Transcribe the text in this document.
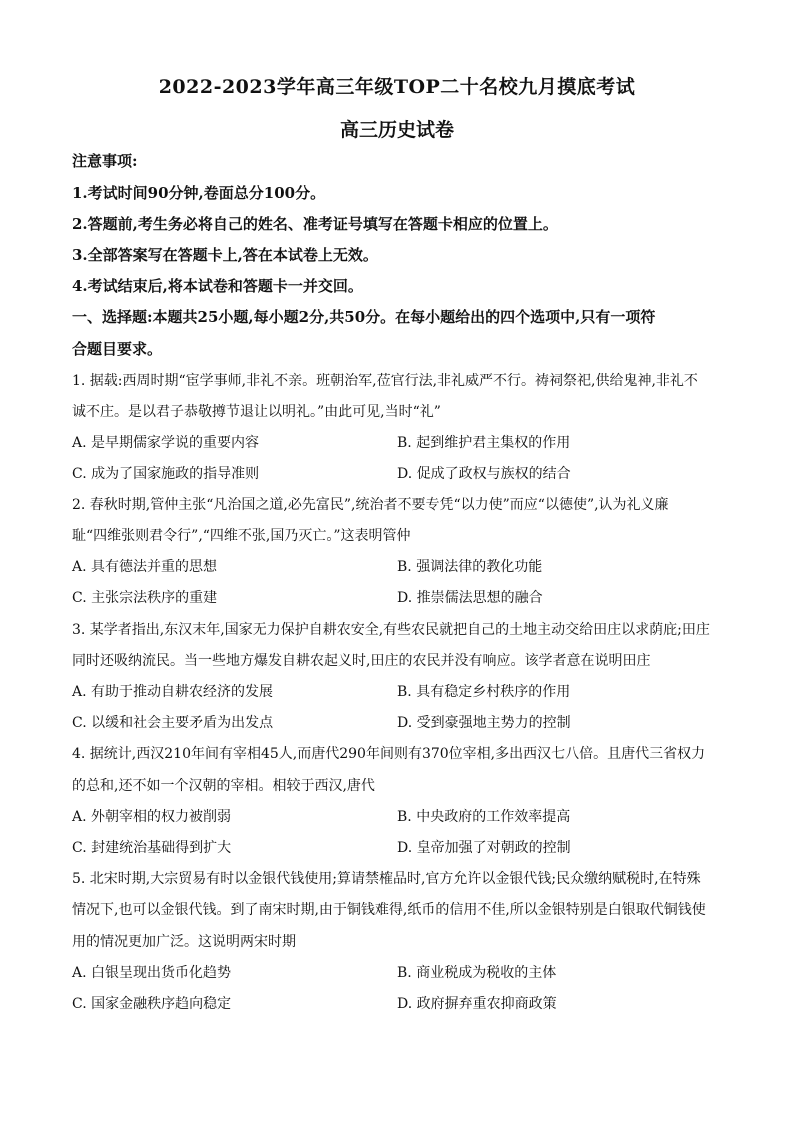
2022-2023学年高三年级TOP二十名校九月摸底考试
高三历史试卷
注意事项:
1.考试时间90分钟,卷面总分100分。
2.答题前,考生务必将自己的姓名、准考证号填写在答题卡相应的位置上。
3.全部答案写在答题卡上,答在本试卷上无效。
4.考试结束后,将本试卷和答题卡一并交回。
一、选择题:本题共25小题,每小题2分,共50分。在每小题给出的四个选项中,只有一项符
合题目要求。
1. 据载:西周时期“宦学事师,非礼不亲。班朝治军,莅官行法,非礼威严不行。祷祠祭祀,供给鬼神,非礼不
诚不庄。是以君子恭敬撙节退让以明礼。”由此可见,当时“礼”
A. 是早期儒家学说的重要内容	B. 起到维护君主集权的作用
C. 成为了国家施政的指导准则	D. 促成了政权与族权的结合
2. 春秋时期,管仲主张“凡治国之道,必先富民”,统治者不要专凭“以力使”而应“以德使”,认为礼义廉
耻“四维张则君令行”,“四维不张,国乃灭亡。”这表明管仲
A. 具有德法并重的思想	B. 强调法律的教化功能
C. 主张宗法秩序的重建	D. 推崇儒法思想的融合
3. 某学者指出,东汉末年,国家无力保护自耕农安全,有些农民就把自己的土地主动交给田庄以求荫庇;田庄
同时还吸纳流民。当一些地方爆发自耕农起义时,田庄的农民并没有响应。该学者意在说明田庄
A. 有助于推动自耕农经济的发展	B. 具有稳定乡村秩序的作用
C. 以缓和社会主要矛盾为出发点	D. 受到豪强地主势力的控制
4. 据统计,西汉210年间有宰相45人,而唐代290年间则有370位宰相,多出西汉七八倍。且唐代三省权力
的总和,还不如一个汉朝的宰相。相较于西汉,唐代
A. 外朝宰相的权力被削弱	B. 中央政府的工作效率提高
C. 封建统治基础得到扩大	D. 皇帝加强了对朝政的控制
5. 北宋时期,大宗贸易有时以金银代钱使用;算请禁榷品时,官方允许以金银代钱;民众缴纳赋税时,在特殊
情况下,也可以金银代钱。到了南宋时期,由于铜钱难得,纸币的信用不佳,所以金银特别是白银取代铜钱使
用的情况更加广泛。这说明两宋时期
A. 白银呈现出货币化趋势	B. 商业税成为税收的主体
C. 国家金融秩序趋向稳定	D. 政府摒弃重农抑商政策
